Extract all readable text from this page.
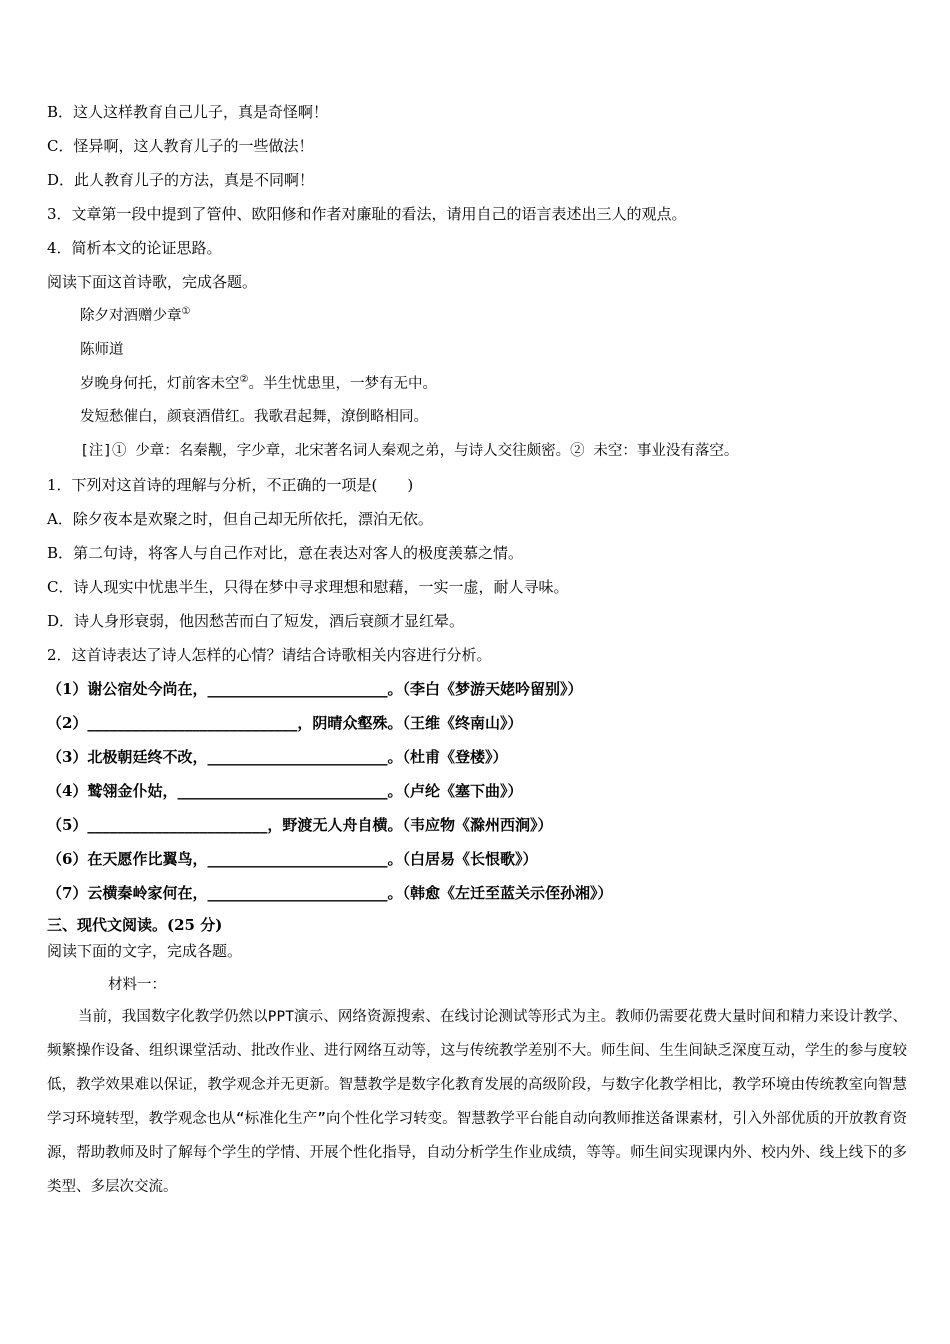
B．这人这样教育自己儿子，真是奇怪啊！
C．怪异啊，这人教育儿子的一些做法！
D．此人教育儿子的方法，真是不同啊！
3．文章第一段中提到了管仲、欧阳修和作者对廉耻的看法，请用自己的语言表述出三人的观点。
4．简析本文的论证思路。
阅读下面这首诗歌，完成各题。
除夕对酒赠少章①
陈师道
岁晚身何托，灯前客未空②。半生忧患里，一梦有无中。
发短愁催白，颜衰酒借红。我歌君起舞，潦倒略相同。
[注]① 少章：名秦觏，字少章，北宋著名词人秦观之弟，与诗人交往颇密。② 未空：事业没有落空。
1．下列对这首诗的理解与分析，不正确的一项是(　　)
A．除夕夜本是欢聚之时，但自己却无所依托，漂泊无依。
B．第二句诗，将客人与自己作对比，意在表达对客人的极度羡慕之情。
C．诗人现实中忧患半生，只得在梦中寻求理想和慰藉，一实一虚，耐人寻味。
D．诗人身形衰弱，他因愁苦而白了短发，酒后衰颜才显红晕。
2．这首诗表达了诗人怎样的心情？请结合诗歌相关内容进行分析。
（1）谢公宿处今尚在，________________________。（李白《梦游天姥吟留别》）
（2）____________________________，阴晴众壑殊。（王维《终南山》）
（3）北极朝廷终不改，________________________。（杜甫《登楼》）
（4）鹫翎金仆姑，____________________________。（卢纶《塞下曲》）
（5）________________________，野渡无人舟自横。（韦应物《滁州西涧》）
（6）在天愿作比翼鸟，________________________。（白居易《长恨歌》）
（7）云横秦岭家何在，________________________。（韩愈《左迁至蓝关示侄孙湘》）
三、现代文阅读。(25 分)
阅读下面的文字，完成各题。
材料一：
当前，我国数字化教学仍然以PPT演示、网络资源搜索、在线讨论测试等形式为主。教师仍需要花费大量时间和精力来设计教学、频繁操作设备、组织课堂活动、批改作业、进行网络互动等，这与传统教学差别不大。师生间、生生间缺乏深度互动，学生的参与度较低，教学效果难以保证，教学观念并无更新。智慧教学是数字化教育发展的高级阶段，与数字化教学相比，教学环境由传统教室向智慧学习环境转型，教学观念也从“标准化生产”向个性化学习转变。智慧教学平台能自动向教师推送备课素材，引入外部优质的开放教育资源，帮助教师及时了解每个学生的学情、开展个性化指导，自动分析学生作业成绩，等等。师生间实现课内外、校内外、线上线下的多类型、多层次交流。
